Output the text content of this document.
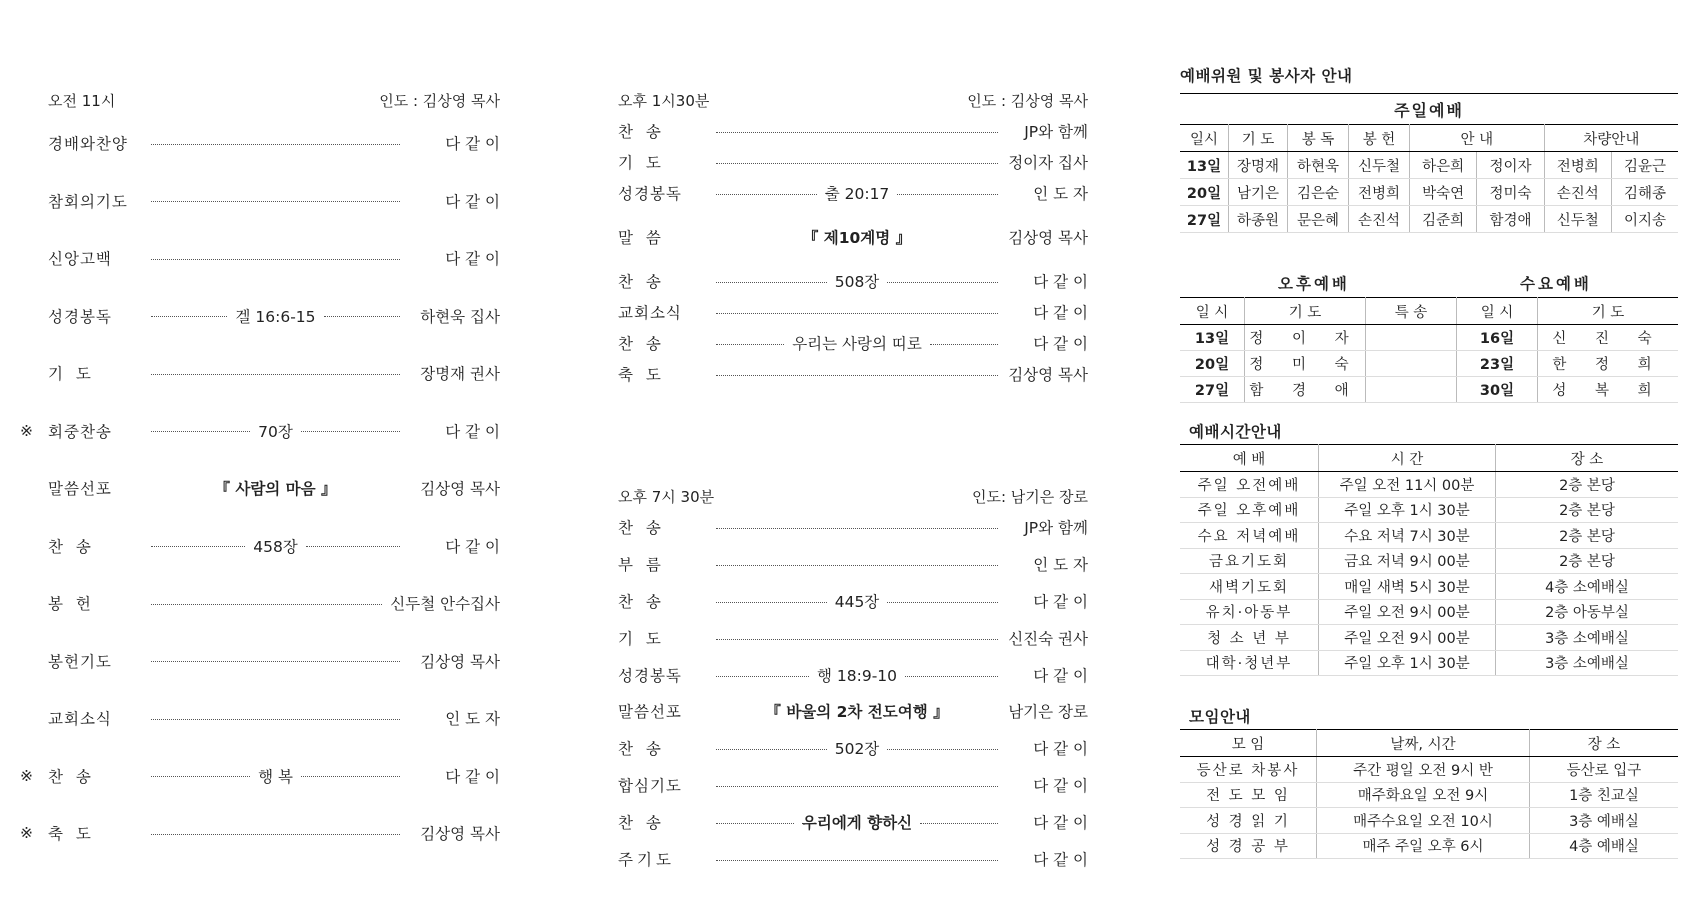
오전 11시	인도 : 김상영 목사
경배와찬양	다 같 이
참회의기도	다 같 이
신앙고백	다 같 이
성경봉독	겔 16:6-15	하현욱 집사
기 도	장명재 권사
※ 회중찬송	70장	다 같 이
말씀선포	『 사람의 마음 』	김상영 목사
찬 송	458장	다 같 이
봉 헌	신두철 안수집사
봉헌기도	김상영 목사
교회소식	인 도 자
※ 찬 송	행 복	다 같 이
※ 축 도	김상영 목사
오후 1시30분	인도 : 김상영 목사
찬 송	JP와 함께
기 도	정이자 집사
성경봉독	출 20:17	인 도 자
말 씀	『 제10계명 』	김상영 목사
찬 송	508장	다 같 이
교회소식	다 같 이
찬 송	우리는 사랑의 띠로	다 같 이
축 도	김상영 목사
오후 7시 30분	인도: 남기은 장로
찬 송	JP와 함께
부 름	인 도 자
찬 송	445장	다 같 이
기 도	신진숙 권사
성경봉독	행 18:9-10	다 같 이
말씀선포	『 바울의 2차 전도여행 』	남기은 장로
찬 송	502장	다 같 이
합심기도	다 같 이
찬 송	우리에게 향하신	다 같 이
주기도	다 같 이
예배위원 및 봉사자 안내
주일예배							
일시	기 도	봉 독	봉 헌	안 내		차량안내	
13일	장명재	하현욱	신두철	하은희	정이자	전병희	김윤근
20일	남기은	김은순	전병희	박숙연	정미숙	손진석	김해종
27일	하종원	문은혜	손진석	김준희	함경애	신두철	이지송
오후예배	수요예배
일 시	기 도	특 송	일 시	기 도
13일	정 이 자		16일	신 진 숙
20일	정 미 숙		23일	한 정 희
27일	함 경 애		30일	성 복 희
예배시간안내
예 배	시 간	장 소
주일 오전예배	주일 오전 11시 00분	2층 본당
주일 오후예배	주일 오후 1시 30분	2층 본당
수요 저녁예배	수요 저녁 7시 30분	2층 본당
금요기도회	금요 저녁 9시 00분	2층 본당
새벽기도회	매일 새벽 5시 30분	4층 소예배실
유치·아동부	주일 오전 9시 00분	2층 아동부실
청 소 년 부	주일 오전 9시 00분	3층 소예배실
대학·청년부	주일 오후 1시 30분	3층 소예배실
모임안내
모 임	날짜, 시간	장 소
등산로 차봉사	주간 평일 오전 9시 반	등산로 입구
전 도 모 임	매주화요일 오전 9시	1층 친교실
성 경 읽 기	매주수요일 오전 10시	3층 예배실
성 경 공 부	매주 주일 오후 6시	4층 예배실
